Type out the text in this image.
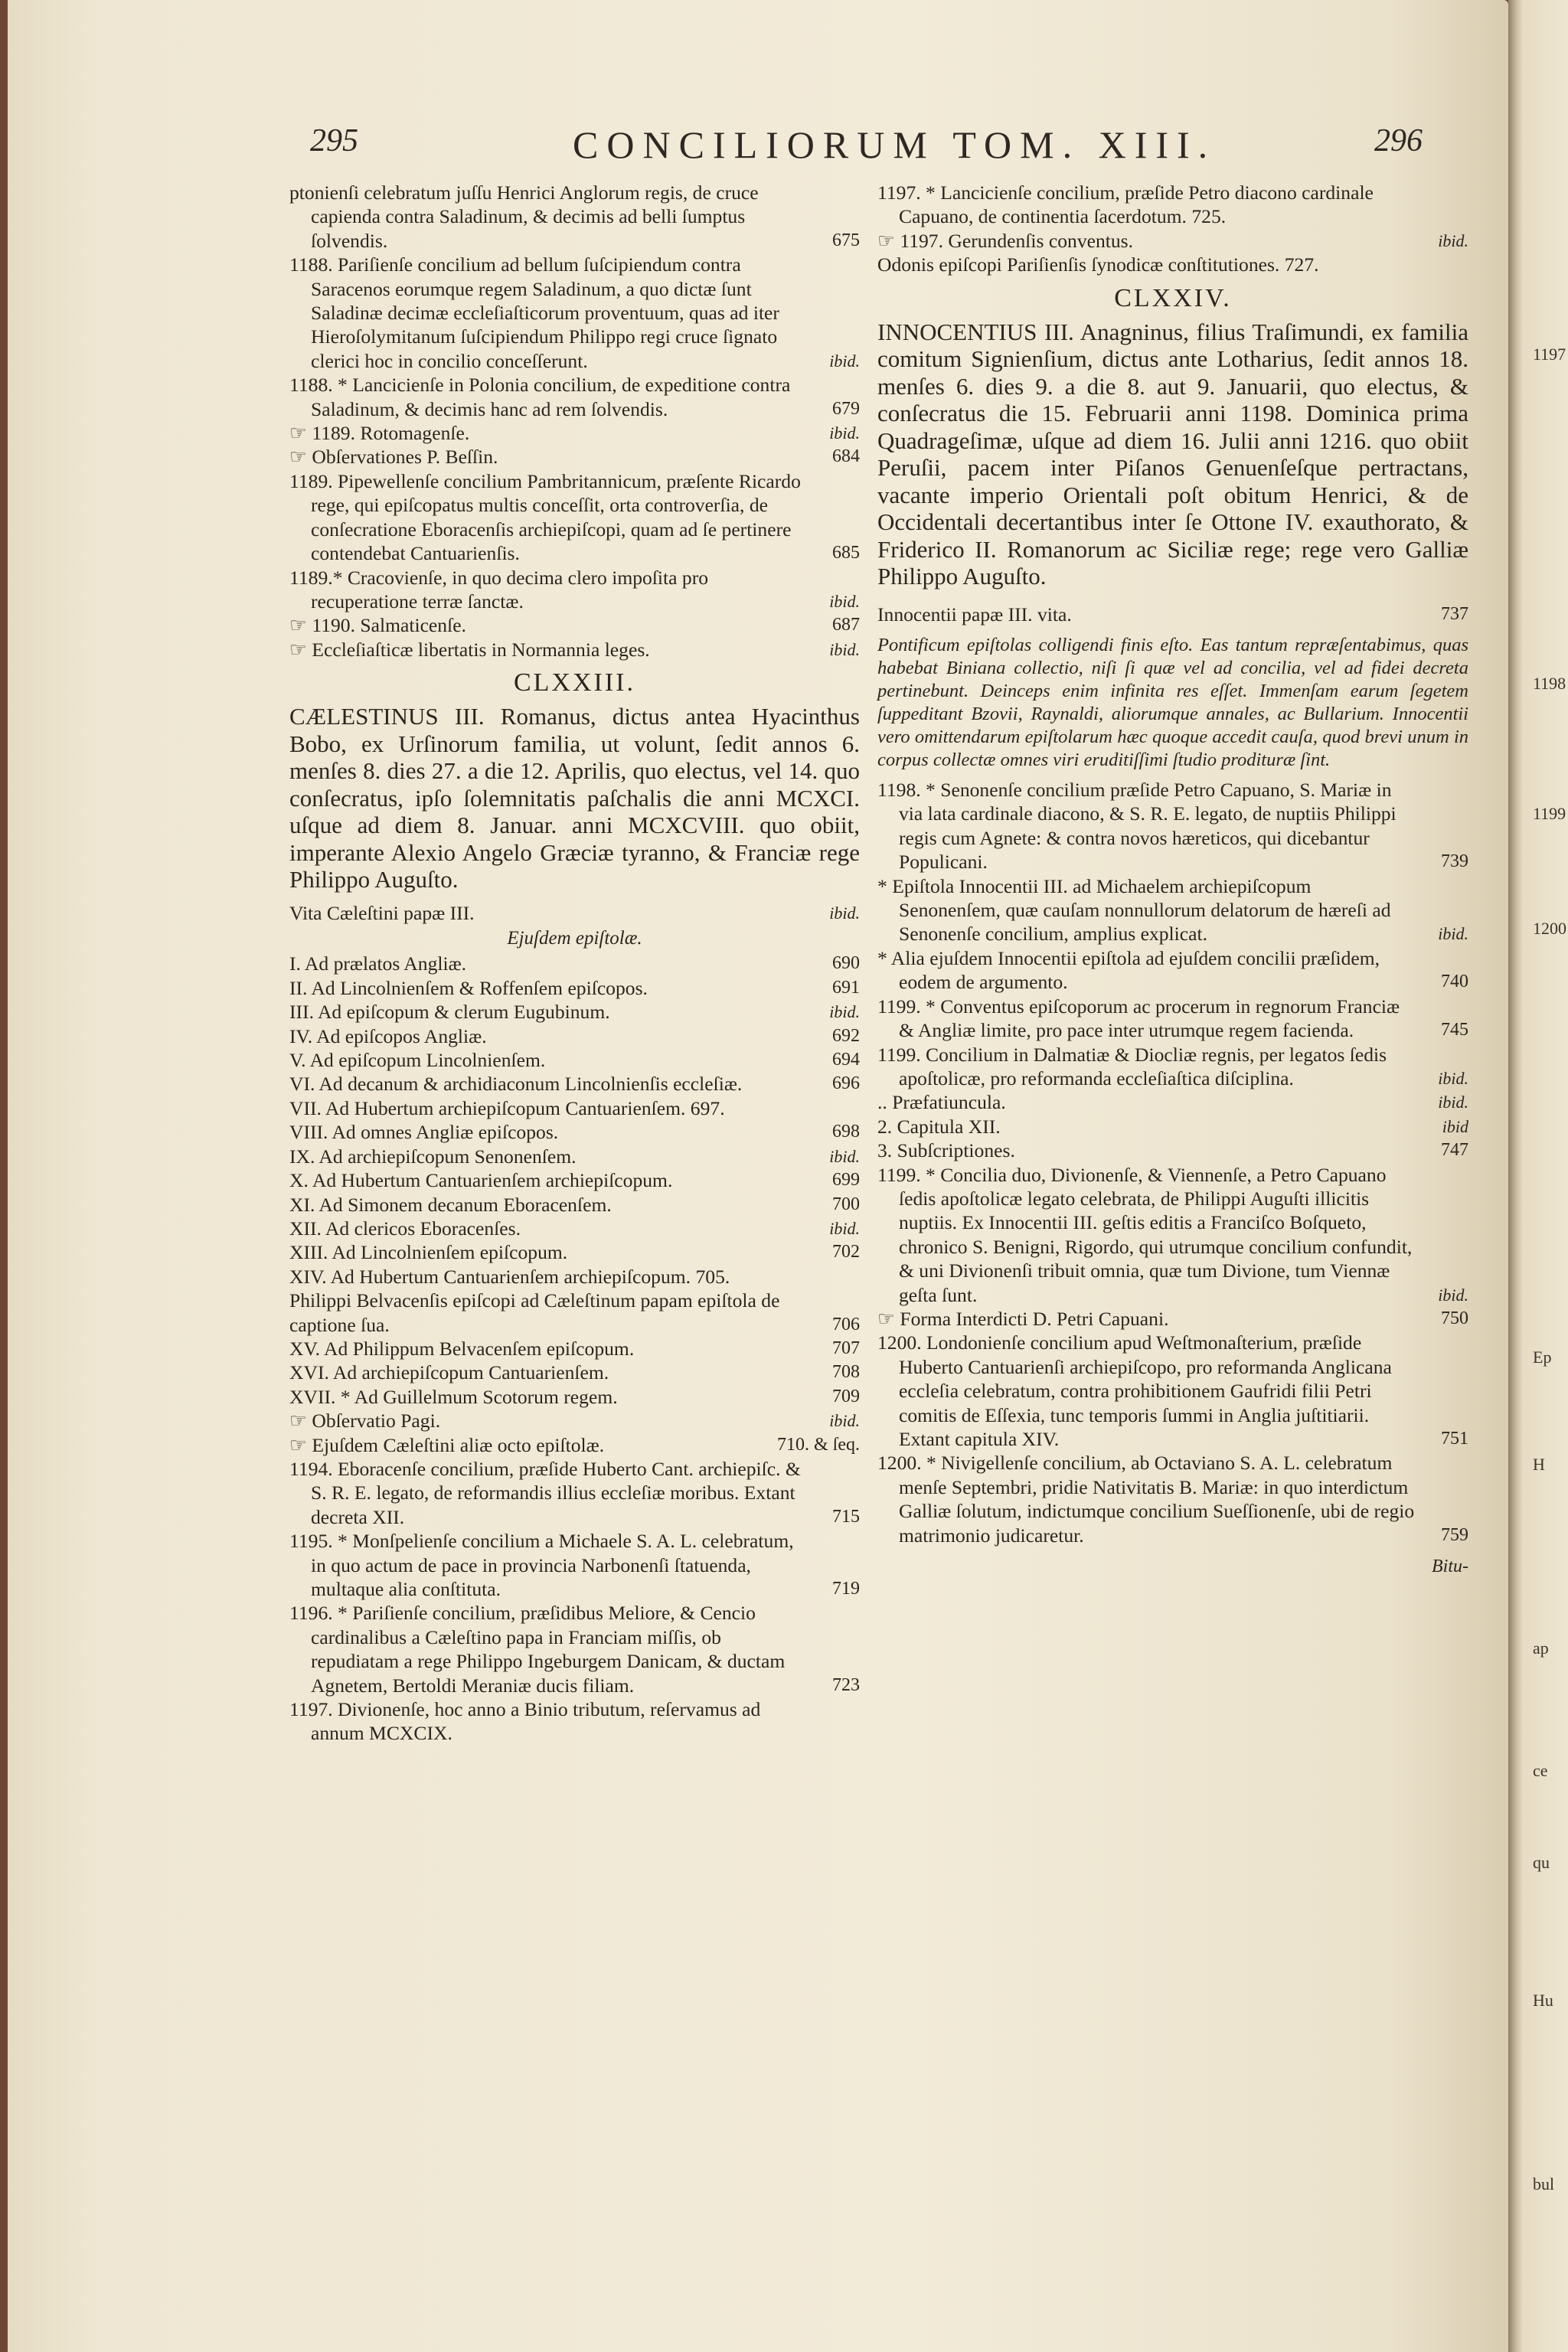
295	CONCILIORUM TOM. XIII.	296
ptonienſi celebratum juſſu Henrici Anglorum regis, de cruce capienda contra Saladinum, & decimis ad belli ſumptus ſolvendis.	675
1188. Pariſienſe concilium ad bellum ſuſcipiendum contra Saracenos eorumque regem Saladinum, a quo dictæ ſunt Saladinæ decimæ eccleſiaſticorum proventuum, quas ad iter Hieroſolymitanum ſuſcipiendum Philippo regi cruce ſignato clerici hoc in concilio conceſſerunt.	ibid.
1188. * Lancicienſe in Polonia concilium, de expeditione contra Saladinum, & decimis hanc ad rem ſolvendis.	679
☞ 1189. Rotomagenſe.	ibid.
☞ Obſervationes P. Beſſin.	684
1189. Pipewellenſe concilium Pambritannicum, præſente Ricardo rege, qui epiſcopatus multis conceſſit, orta controverſia, de conſecratione Eboracenſis archiepiſcopi, quam ad ſe pertinere contendebat Cantuarienſis.	685
1189.* Cracovienſe, in quo decima clero impoſita pro recuperatione terræ ſanctæ.	ibid.
☞ 1190. Salmaticenſe.	687
☞ Eccleſiaſticæ libertatis in Normannia leges.	ibid.
CLXXIII.
CÆLESTINUS III. Romanus, dictus antea Hyacinthus Bobo, ex Urſinorum familia, ut volunt, ſedit annos 6. menſes 8. dies 27. a die 12. Aprilis, quo electus, vel 14. quo conſecratus, ipſo ſolemnitatis paſchalis die anni MCXCI. uſque ad diem 8. Januar. anni MCXCVIII. quo obiit, imperante Alexio Angelo Græciæ tyranno, & Franciæ rege Philippo Auguſto.
Vita Cæleſtini papæ III.	ibid.
Ejuſdem epiſtolæ.
I. Ad prælatos Angliæ.	690
II. Ad Lincolnienſem & Roffenſem epiſcopos.	691
III. Ad epiſcopum & clerum Eugubinum.	ibid.
IV. Ad epiſcopos Angliæ.	692
V. Ad epiſcopum Lincolnienſem.	694
VI. Ad decanum & archidiaconum Lincolnienſis eccleſiæ.	696
VII. Ad Hubertum archiepiſcopum Cantuarienſem. 697.
VIII. Ad omnes Angliæ epiſcopos.	698
IX. Ad archiepiſcopum Senonenſem.	ibid.
X. Ad Hubertum Cantuarienſem archiepiſcopum.	699
XI. Ad Simonem decanum Eboracenſem.	700
XII. Ad clericos Eboracenſes.	ibid.
XIII. Ad Lincolnienſem epiſcopum.	702
XIV. Ad Hubertum Cantuarienſem archiepiſcopum. 705.
Philippi Belvacenſis epiſcopi ad Cæleſtinum papam epiſtola de captione ſua.	706
XV. Ad Philippum Belvacenſem epiſcopum.	707
XVI. Ad archiepiſcopum Cantuarienſem.	708
XVII. * Ad Guillelmum Scotorum regem.	709
☞ Obſervatio Pagi.	ibid.
☞ Ejuſdem Cæleſtini aliæ octo epiſtolæ.	710. & ſeq.
1194. Eboracenſe concilium, præſide Huberto Cant. archiepiſc. & S. R. E. legato, de reformandis illius eccleſiæ moribus. Extant decreta XII.	715
1195. * Monſpelienſe concilium a Michaele S. A. L. celebratum, in quo actum de pace in provincia Narbonenſi ſtatuenda, multaque alia conſtituta.	719
1196. * Pariſienſe concilium, præſidibus Meliore, & Cencio cardinalibus a Cæleſtino papa in Franciam miſſis, ob repudiatam a rege Philippo Ingeburgem Danicam, & ductam Agnetem, Bertoldi Meraniæ ducis filiam.	723
1197. Divionenſe, hoc anno a Binio tributum, reſervamus ad annum MCXCIX.
1197. * Lancicienſe concilium, præſide Petro diacono cardinale Capuano, de continentia ſacerdotum. 725.
☞ 1197. Gerundenſis conventus.	ibid.
Odonis epiſcopi Pariſienſis ſynodicæ conſtitutiones. 727.
CLXXIV.
INNOCENTIUS III. Anagninus, filius Traſimundi, ex familia comitum Signienſium, dictus ante Lotharius, ſedit annos 18. menſes 6. dies 9. a die 8. aut 9. Januarii, quo electus, & conſecratus die 15. Februarii anni 1198. Dominica prima Quadrageſimæ, uſque ad diem 16. Julii anni 1216. quo obiit Peruſii, pacem inter Piſanos Genuenſeſque pertractans, vacante imperio Orientali poſt obitum Henrici, & de Occidentali decertantibus inter ſe Ottone IV. exauthorato, & Friderico II. Romanorum ac Siciliæ rege; rege vero Galliæ Philippo Auguſto.
Innocentii papæ III. vita.	737
Pontificum epiſtolas colligendi finis eſto. Eas tantum repræſentabimus, quas habebat Biniana collectio, niſi ſi quæ vel ad concilia, vel ad fidei decreta pertinebunt. Deinceps enim infinita res eſſet. Immenſam earum ſegetem ſuppeditant Bzovii, Raynaldi, aliorumque annales, ac Bullarium. Innocentii vero omittendarum epiſtolarum hæc quoque accedit cauſa, quod brevi unum in corpus collectæ omnes viri eruditiſſimi ſtudio prodituræ ſint.
1198. * Senonenſe concilium præſide Petro Capuano, S. Mariæ in via lata cardinale diacono, & S. R. E. legato, de nuptiis Philippi regis cum Agnete: & contra novos hæreticos, qui dicebantur Populicani.	739
* Epiſtola Innocentii III. ad Michaelem archiepiſcopum Senonenſem, quæ cauſam nonnullorum delatorum de hæreſi ad Senonenſe concilium, amplius explicat.	ibid.
* Alia ejuſdem Innocentii epiſtola ad ejuſdem concilii præſidem, eodem de argumento.	740
1199. * Conventus epiſcoporum ac procerum in regnorum Franciæ & Angliæ limite, pro pace inter utrumque regem facienda.	745
1199. Concilium in Dalmatiæ & Diocliæ regnis, per legatos ſedis apoſtolicæ, pro reformanda eccleſiaſtica diſciplina.	ibid.
.. Præfatiuncula.	ibid.
2. Capitula XII.	ibid
3. Subſcriptiones.	747
1199. * Concilia duo, Divionenſe, & Viennenſe, a Petro Capuano ſedis apoſtolicæ legato celebrata, de Philippi Auguſti illicitis nuptiis. Ex Innocentii III. geſtis editis a Franciſco Boſqueto, chronico S. Benigni, Rigordo, qui utrumque concilium confundit, & uni Divionenſi tribuit omnia, quæ tum Divione, tum Viennæ geſta ſunt.	ibid.
☞ Forma Interdicti D. Petri Capuani.	750
1200. Londonienſe concilium apud Weſtmonaſterium, præſide Huberto Cantuarienſi archiepiſcopo, pro reformanda Anglicana eccleſia celebratum, contra prohibitionem Gaufridi filii Petri comitis de Eſſexia, tunc temporis ſummi in Anglia juſtitiarii. Extant capitula XIV.	751
1200. * Nivigellenſe concilium, ab Octaviano S. A. L. celebratum menſe Septembri, pridie Nativitatis B. Mariæ: in quo interdictum Galliæ ſolutum, indictumque concilium Sueſſionenſe, ubi de regio matrimonio judicaretur.	759
Bitu-
1197
1198
1199
1200
Ep
H
ap
ce
qu
Hu
bul
